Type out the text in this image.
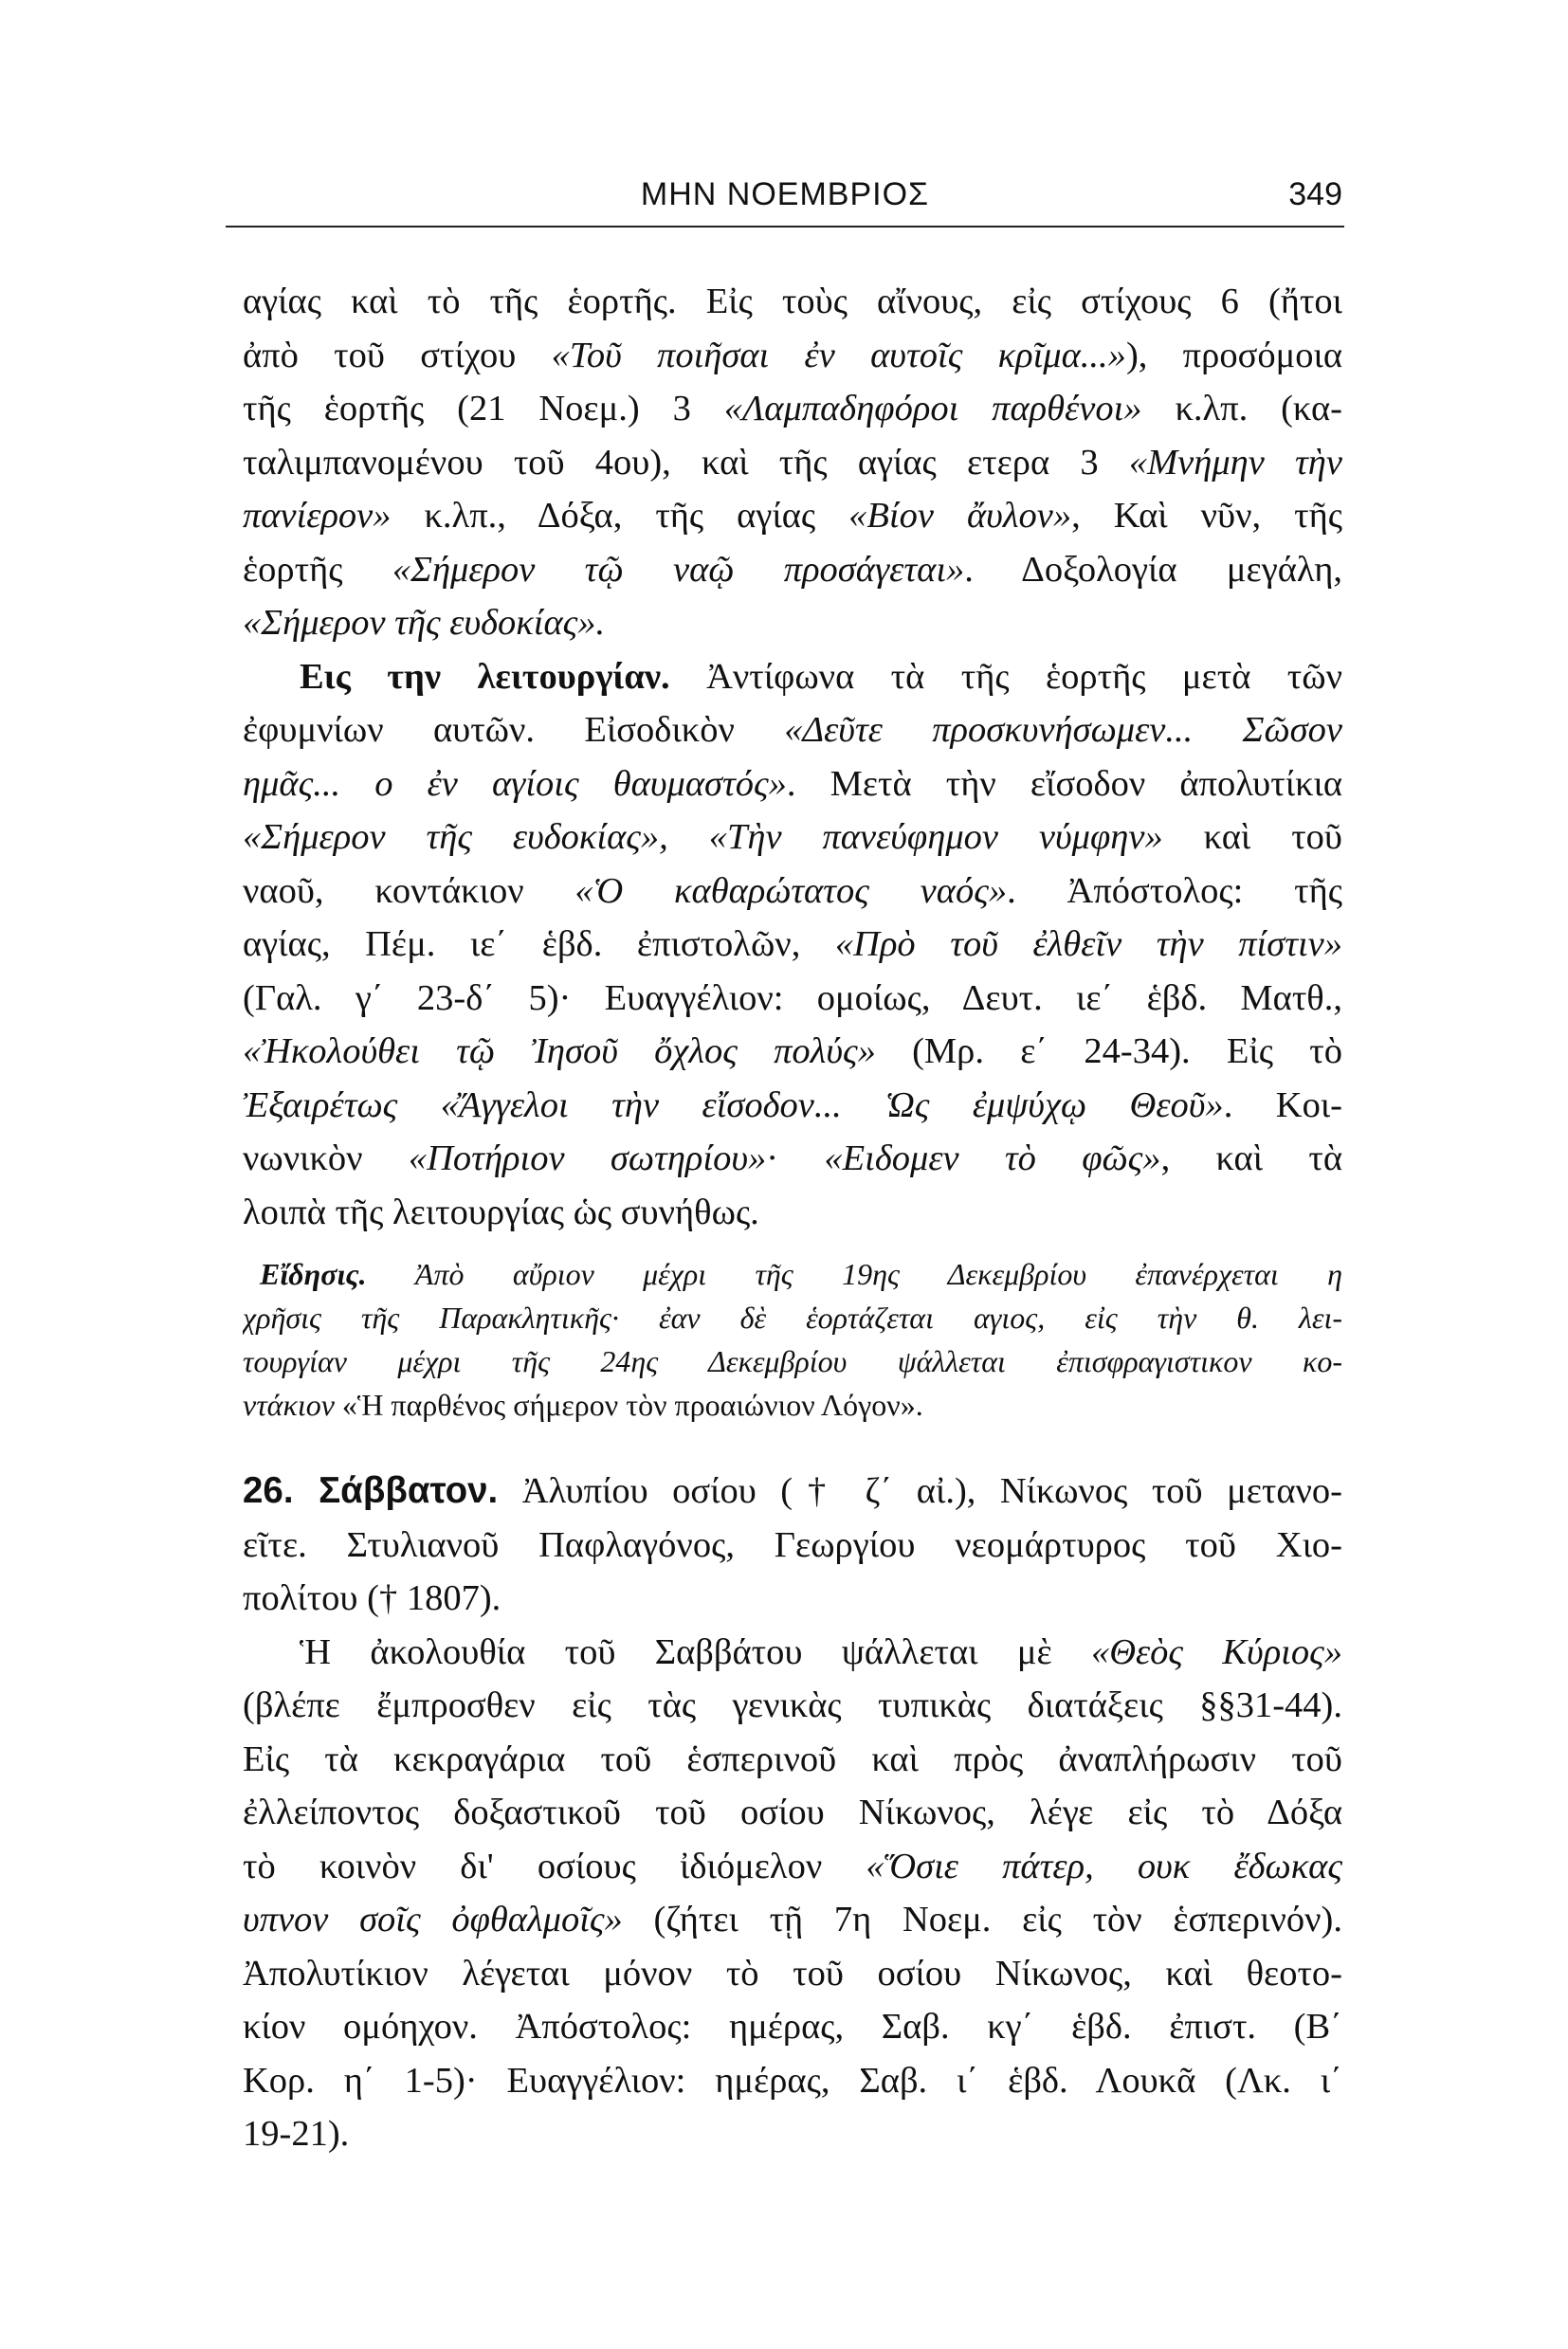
ΜΗΝ ΝΟΕΜΒΡΙΟΣ	349
αγίας καὶ τὸ τῆς ἑορτῆς. Εἰς τοὺς αἴνους, εἰς στίχους 6 (ἤτοι
ἀπὸ τοῦ στίχου «Τοῦ ποιῆσαι ἐν αυτοῖς κρῖμα...»), προσόμοια
τῆς ἑορτῆς (21 Νοεμ.) 3 «Λαμπαδηφόροι παρθένοι» κ.λπ. (κα-
ταλιμπανομένου τοῦ 4ου), καὶ τῆς αγίας ετερα 3 «Μνήμην τὴν
πανίερον» κ.λπ., Δόξα, τῆς αγίας «Βίον ἄυλον», Καὶ νῦν, τῆς
ἑορτῆς «Σήμερον τῷ ναῷ προσάγεται». Δοξολογία μεγάλη,
«Σήμερον τῆς ευδοκίας».
Εις την λειτουργίαν. Ἀντίφωνα τὰ τῆς ἑορτῆς μετὰ τῶν
ἐφυμνίων αυτῶν. Εἰσοδικὸν «Δεῦτε προσκυνήσωμεν... Σῶσον
ημᾶς... ο ἐν αγίοις θαυμαστός». Μετὰ τὴν εἴσοδον ἀπολυτίκια
«Σήμερον τῆς ευδοκίας», «Τὴν πανεύφημον νύμφην» καὶ τοῦ
ναοῦ, κοντάκιον «Ὁ καθαρώτατος ναός». Ἀπόστολος: τῆς
αγίας, Πέμ. ιε΄ ἑβδ. ἐπιστολῶν, «Πρὸ τοῦ ἐλθεῖν τὴν πίστιν»
(Γαλ. γ΄ 23-δ΄ 5)· Ευαγγέλιον: ομοίως, Δευτ. ιε΄ ἑβδ. Ματθ.,
«Ἠκολούθει τῷ Ἰησοῦ ὄχλος πολύς» (Μρ. ε΄ 24-34). Εἰς τὸ
Ἐξαιρέτως «Ἄγγελοι τὴν εἴσοδον... Ὡς ἐμψύχῳ Θεοῦ». Κοι-
νωνικὸν «Ποτήριον σωτηρίου»· «Ειδομεν τὸ φῶς», καὶ τὰ
λοιπὰ τῆς λειτουργίας ὡς συνήθως.
Εἴδησις. Ἀπὸ αὔριον μέχρι τῆς 19ης Δεκεμβρίου ἐπανέρχεται η
χρῆσις τῆς Παρακλητικῆς· ἐαν δὲ ἑορτάζεται αγιος, εἰς τὴν θ. λει-
τουργίαν μέχρι τῆς 24ης Δεκεμβρίου ψάλλεται ἐπισφραγιστικον κο-
ντάκιον «Ἡ παρθένος σήμερον τὸν προαιώνιον Λόγον».
26. Σάββατον. Ἀλυπίου οσίου († ζ΄ αἰ.), Νίκωνος τοῦ μετανο-
εῖτε. Στυλιανοῦ Παφλαγόνος, Γεωργίου νεομάρτυρος τοῦ Χιο-
πολίτου († 1807).
Ἡ ἀκολουθία τοῦ Σαββάτου ψάλλεται μὲ «Θεὸς Κύριος»
(βλέπε ἔμπροσθεν εἰς τὰς γενικὰς τυπικὰς διατάξεις §§31-44).
Εἰς τὰ κεκραγάρια τοῦ ἑσπερινοῦ καὶ πρὸς ἀναπλήρωσιν τοῦ
ἐλλείποντος δοξαστικοῦ τοῦ οσίου Νίκωνος, λέγε εἰς τὸ Δόξα
τὸ κοινὸν δι' οσίους ἰδιόμελον «Ὅσιε πάτερ, ουκ ἔδωκας
υπνον σοῖς ὀφθαλμοῖς» (ζήτει τῇ 7η Νοεμ. εἰς τὸν ἑσπερινόν).
Ἀπολυτίκιον λέγεται μόνον τὸ τοῦ οσίου Νίκωνος, καὶ θεοτο-
κίον ομόηχον. Ἀπόστολος: ημέρας, Σαβ. κγ΄ ἑβδ. ἐπιστ. (Β΄
Κορ. η΄ 1-5)· Ευαγγέλιον: ημέρας, Σαβ. ι΄ ἑβδ. Λουκᾶ (Λκ. ι΄
19-21).
